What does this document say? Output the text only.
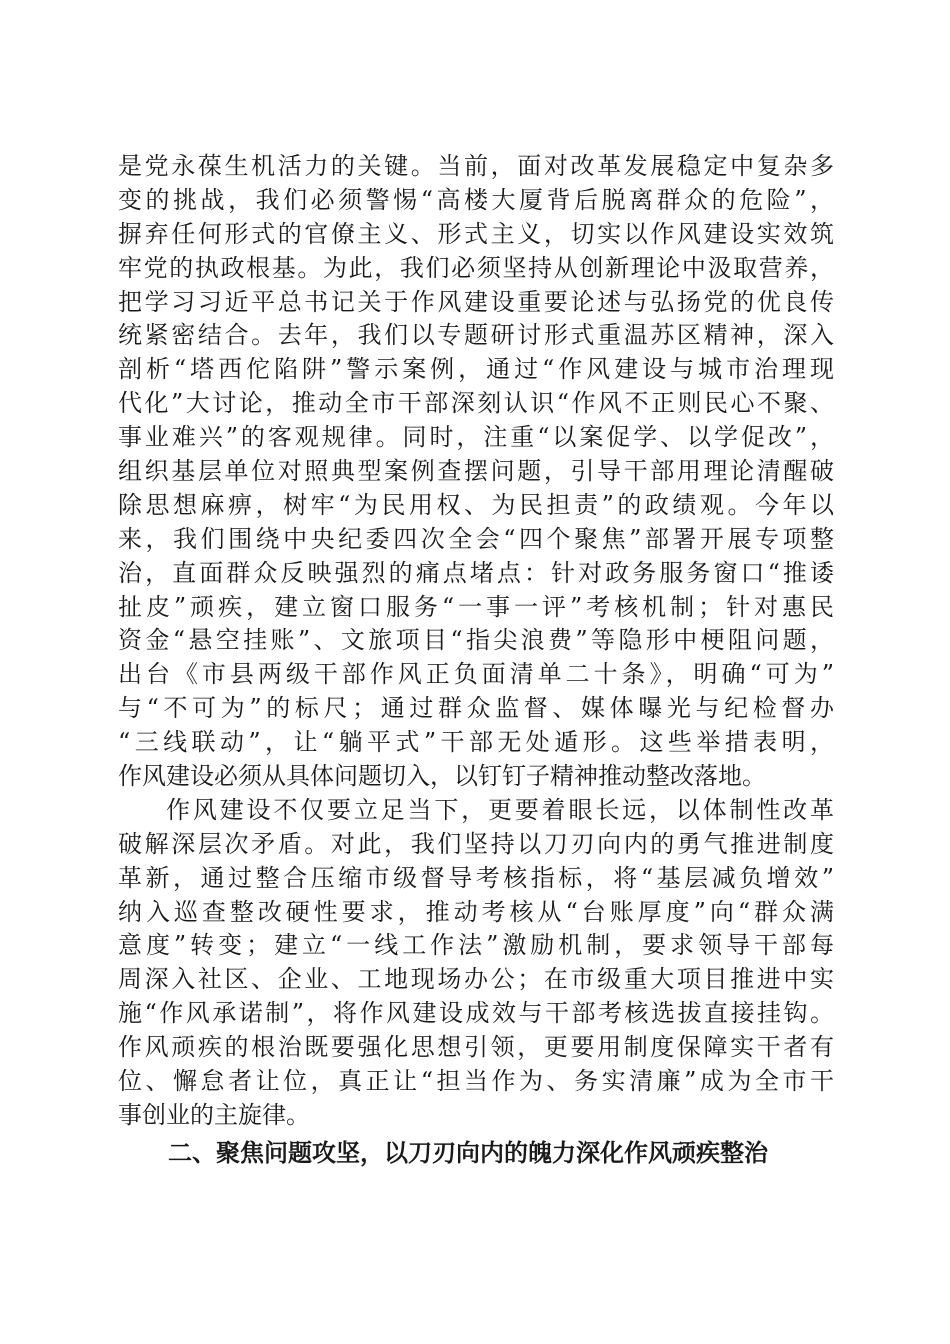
是党永葆生机活力的关键。当前，面对改革发展稳定中复杂多
变的挑战，我们必须警惕“高楼大厦背后脱离群众的危险”，
摒弃任何形式的官僚主义、形式主义，切实以作风建设实效筑
牢党的执政根基。为此，我们必须坚持从创新理论中汲取营养，
把学习习近平总书记关于作风建设重要论述与弘扬党的优良传
统紧密结合。去年，我们以专题研讨形式重温苏区精神，深入
剖析“塔西佗陷阱”警示案例，通过“作风建设与城市治理现
代化”大讨论，推动全市干部深刻认识“作风不正则民心不聚、
事业难兴”的客观规律。同时，注重“以案促学、以学促改”，
组织基层单位对照典型案例查摆问题，引导干部用理论清醒破
除思想麻痹，树牢“为民用权、为民担责”的政绩观。今年以
来，我们围绕中央纪委四次全会“四个聚焦”部署开展专项整
治，直面群众反映强烈的痛点堵点：针对政务服务窗口“推诿
扯皮”顽疾，建立窗口服务“一事一评”考核机制；针对惠民
资金“悬空挂账”、文旅项目“指尖浪费”等隐形中梗阻问题，
出台《市县两级干部作风正负面清单二十条》，明确“可为”
与“不可为”的标尺；通过群众监督、媒体曝光与纪检督办
“三线联动”，让“躺平式”干部无处遁形。这些举措表明，
作风建设必须从具体问题切入，以钉钉子精神推动整改落地。
作风建设不仅要立足当下，更要着眼长远，以体制性改革
破解深层次矛盾。对此，我们坚持以刀刃向内的勇气推进制度
革新，通过整合压缩市级督导考核指标，将“基层减负增效”
纳入巡查整改硬性要求，推动考核从“台账厚度”向“群众满
意度”转变；建立“一线工作法”激励机制，要求领导干部每
周深入社区、企业、工地现场办公；在市级重大项目推进中实
施“作风承诺制”，将作风建设成效与干部考核选拔直接挂钩。
作风顽疾的根治既要强化思想引领，更要用制度保障实干者有
位、懈怠者让位，真正让“担当作为、务实清廉”成为全市干
事创业的主旋律。
二、聚焦问题攻坚，以刀刃向内的魄力深化作风顽疾整治
